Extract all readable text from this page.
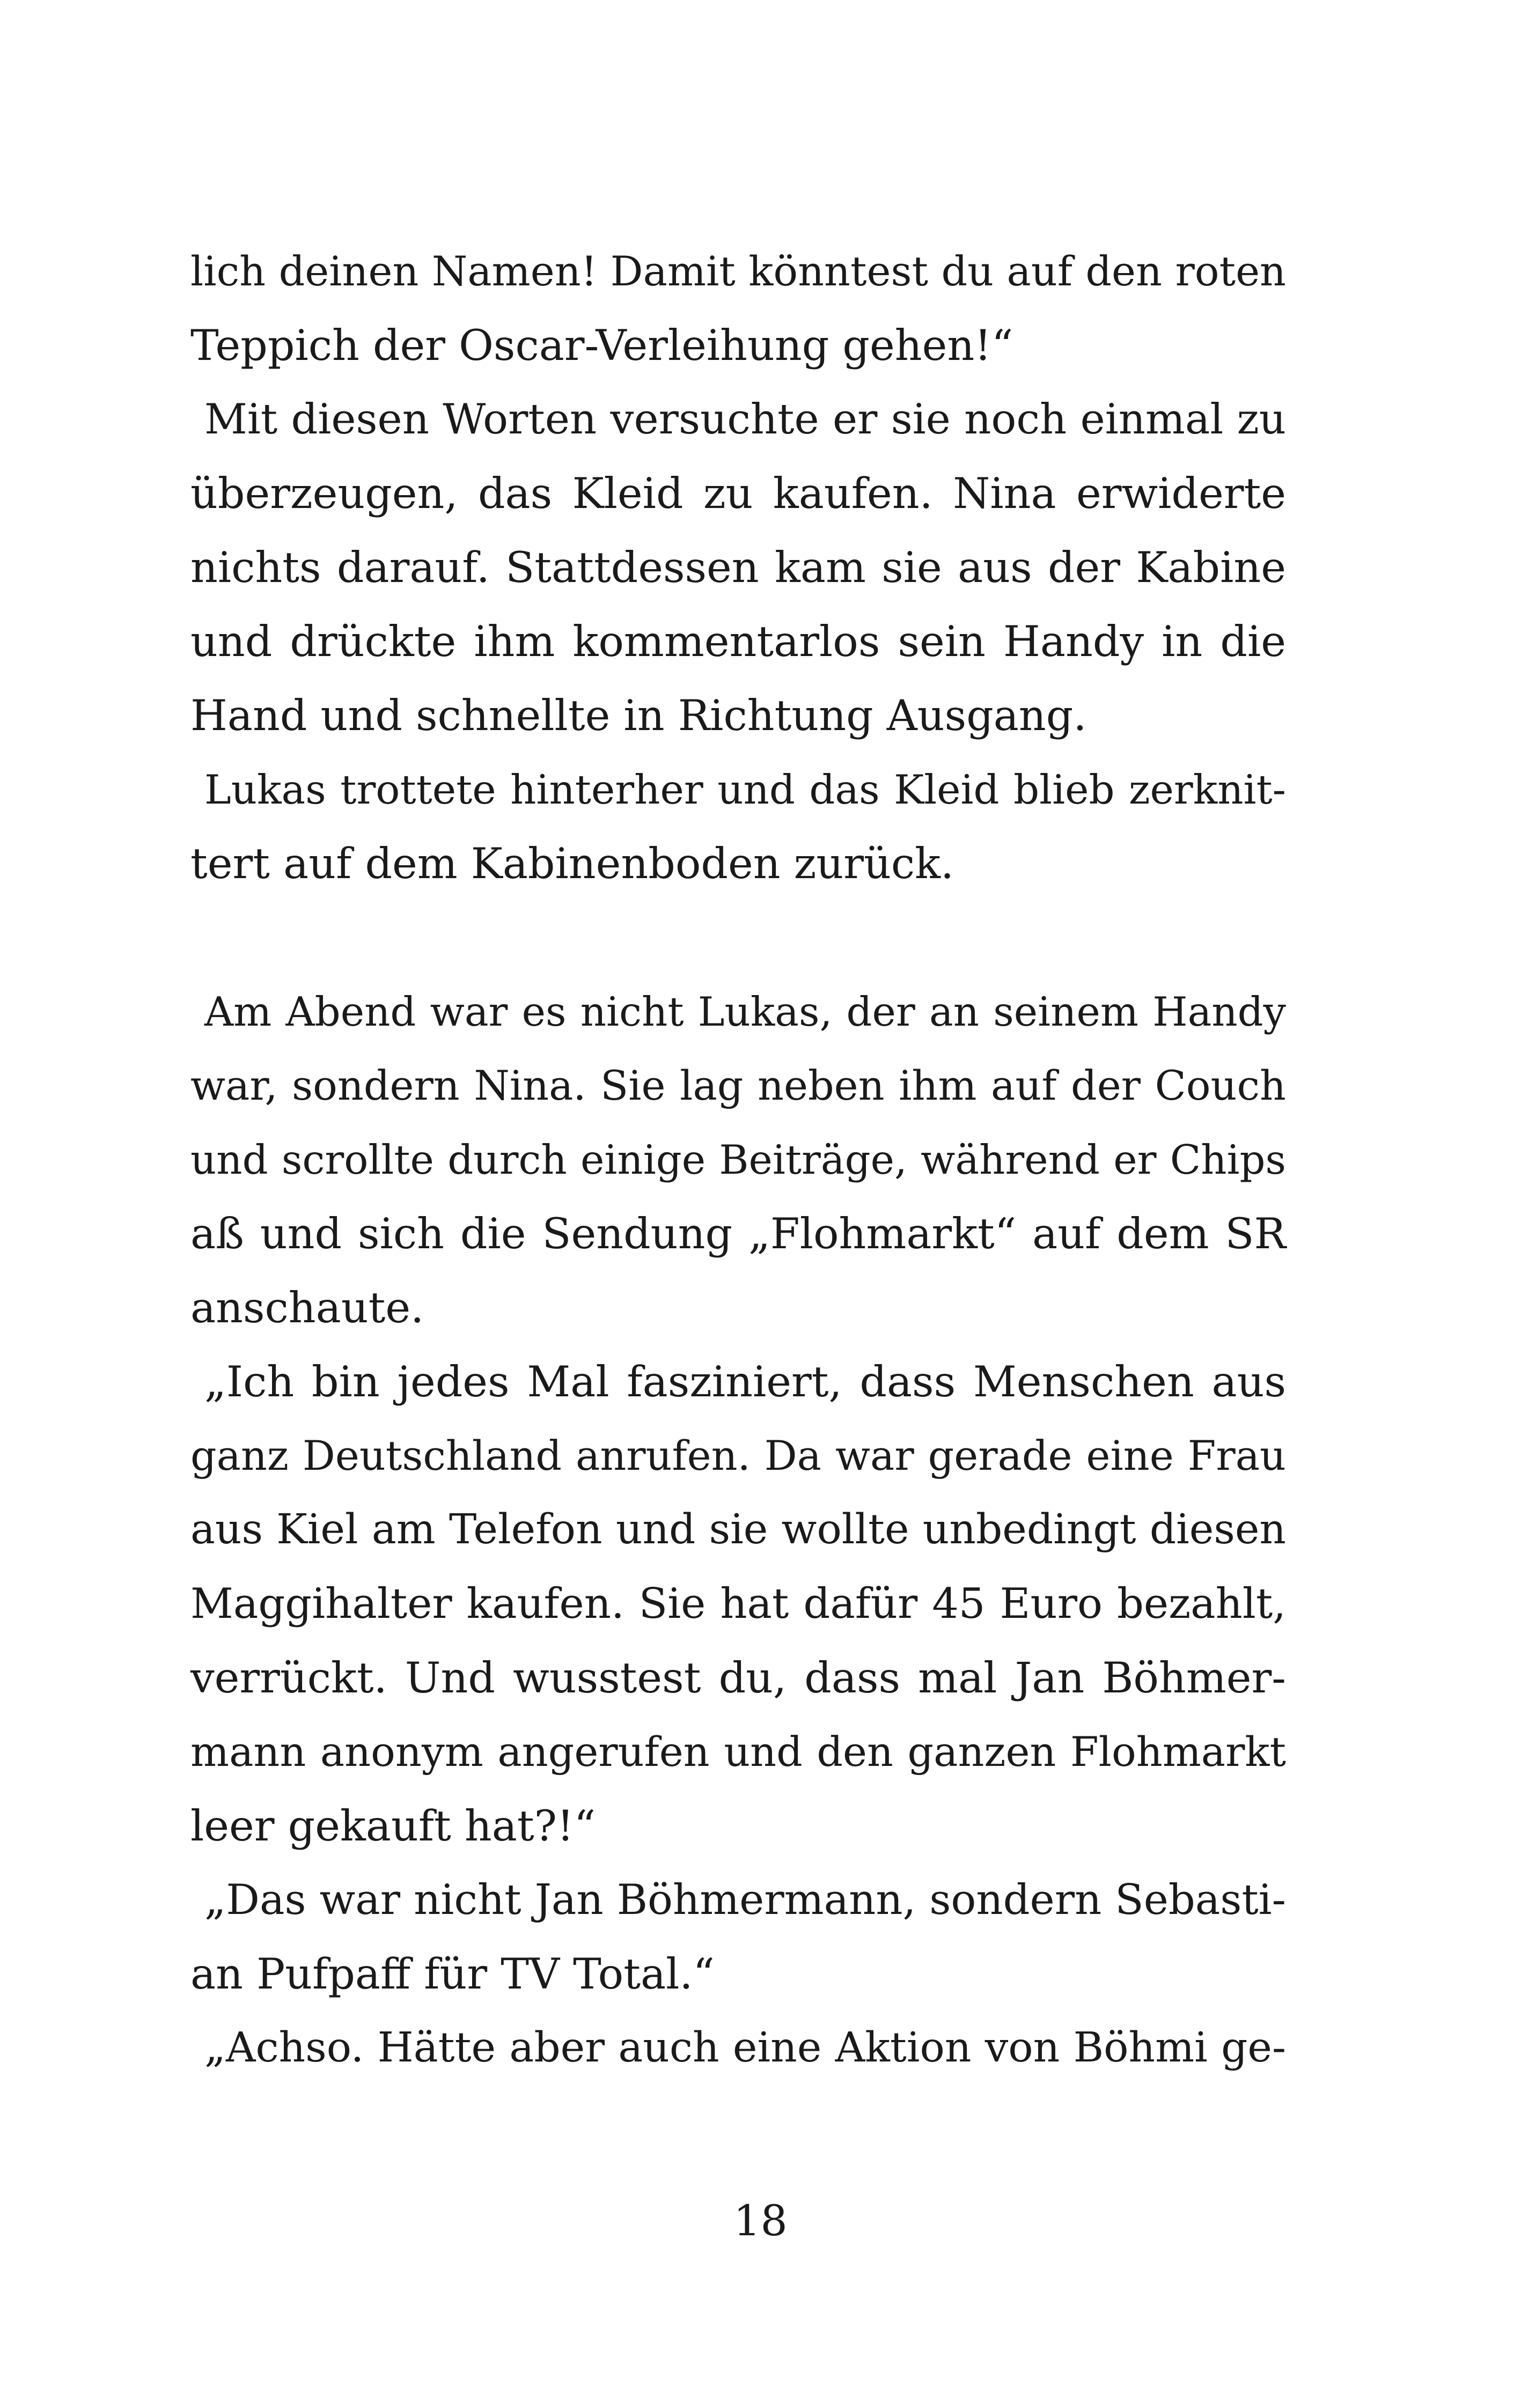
lich deinen Namen! Damit könntest du auf den roten
Teppich der Oscar-Verleihung gehen!“
Mit diesen Worten versuchte er sie noch einmal zu
überzeugen, das Kleid zu kaufen. Nina erwiderte
nichts darauf. Stattdessen kam sie aus der Kabine
und drückte ihm kommentarlos sein Handy in die
Hand und schnellte in Richtung Ausgang.
Lukas trottete hinterher und das Kleid blieb zerknit-
tert auf dem Kabinenboden zurück.
Am Abend war es nicht Lukas, der an seinem Handy
war, sondern Nina. Sie lag neben ihm auf der Couch
und scrollte durch einige Beiträge, während er Chips
aß und sich die Sendung „Flohmarkt“ auf dem SR
anschaute.
„Ich bin jedes Mal fasziniert, dass Menschen aus
ganz Deutschland anrufen. Da war gerade eine Frau
aus Kiel am Telefon und sie wollte unbedingt diesen
Maggihalter kaufen. Sie hat dafür 45 Euro bezahlt,
verrückt. Und wusstest du, dass mal Jan Böhmer-
mann anonym angerufen und den ganzen Flohmarkt
leer gekauft hat?!“
„Das war nicht Jan Böhmermann, sondern Sebasti-
an Pufpaff für TV Total.“
„Achso. Hätte aber auch eine Aktion von Böhmi ge-
18
